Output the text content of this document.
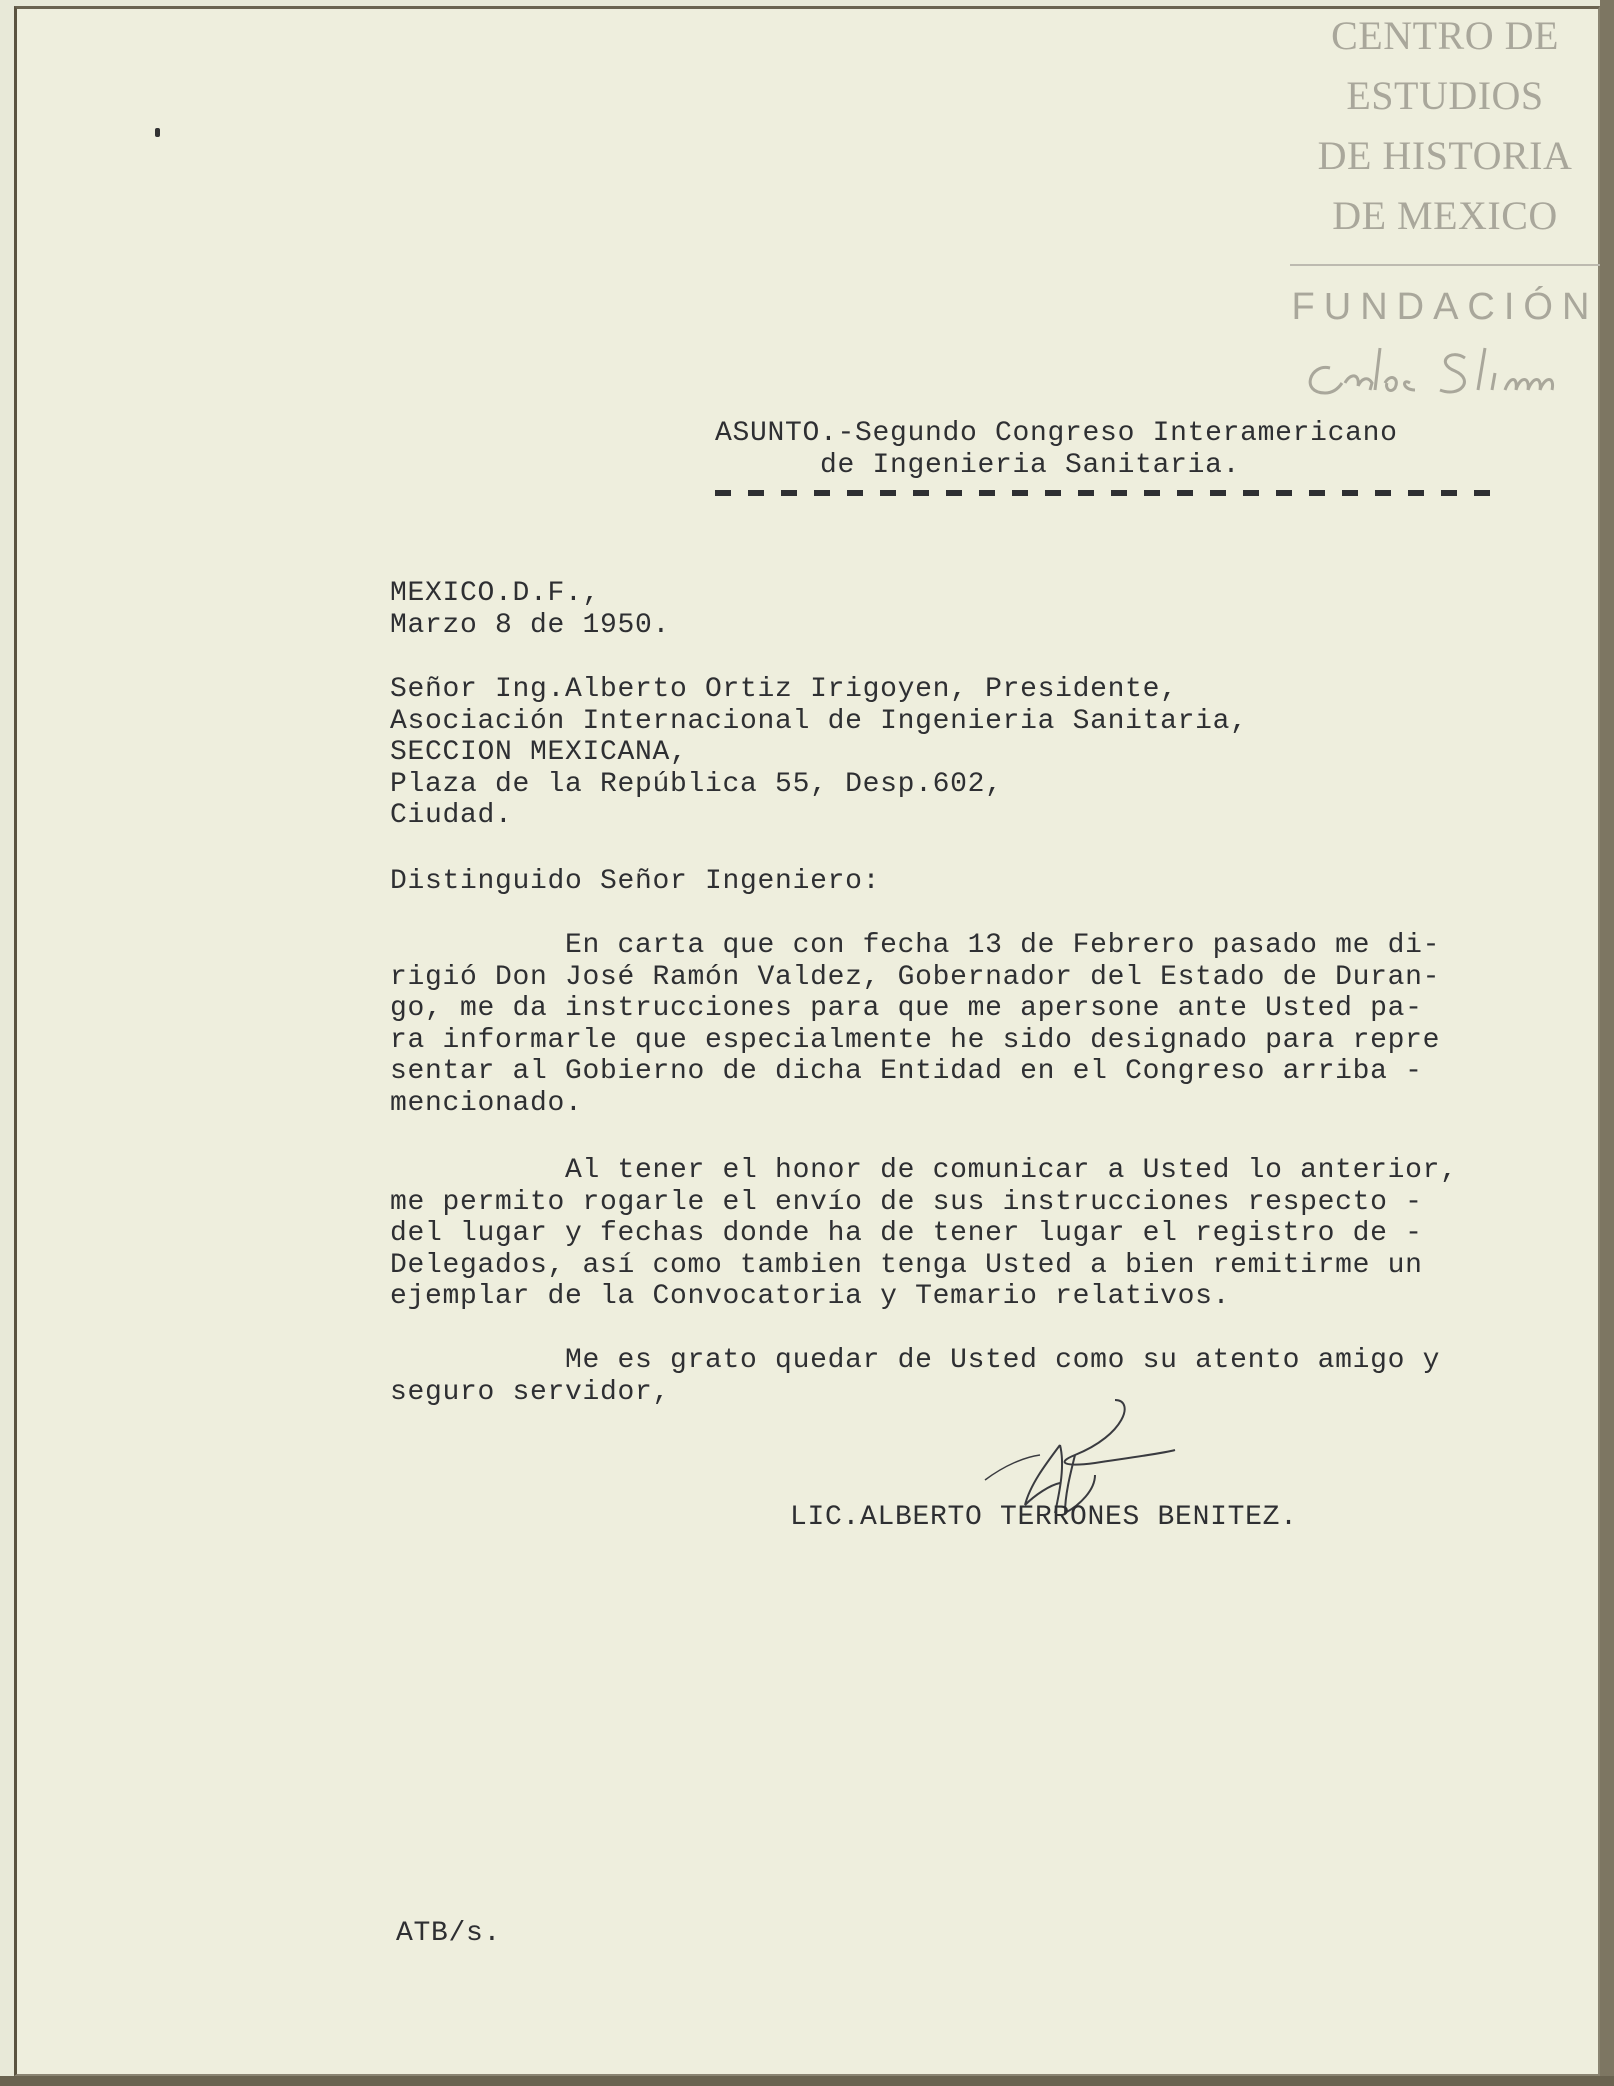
CENTRO DE
ESTUDIOS
DE HISTORIA
DE MEXICO
FUNDACIÓN
ASUNTO.-Segundo Congreso Interamericano
de Ingenieria Sanitaria.
MEXICO.D.F.,
Marzo 8 de 1950.
Señor Ing.Alberto Ortiz Irigoyen, Presidente,
Asociación Internacional de Ingenieria Sanitaria,
SECCION MEXICANA,
Plaza de la República 55, Desp.602,
Ciudad.
Distinguido Señor Ingeniero:
En carta que con fecha 13 de Febrero pasado me di-
rigió Don José Ramón Valdez, Gobernador del Estado de Duran-
go, me da instrucciones para que me apersone ante Usted pa-
ra informarle que especialmente he sido designado para repre
sentar al Gobierno de dicha Entidad en el Congreso arriba -
mencionado.
Al tener el honor de comunicar a Usted lo anterior,
me permito rogarle el envío de sus instrucciones respecto -
del lugar y fechas donde ha de tener lugar el registro de -
Delegados, así como tambien tenga Usted a bien remitirme un
ejemplar de la Convocatoria y Temario relativos.
Me es grato quedar de Usted como su atento amigo y
seguro servidor,
LIC.ALBERTO TERRONES BENITEZ.
ATB/s.
